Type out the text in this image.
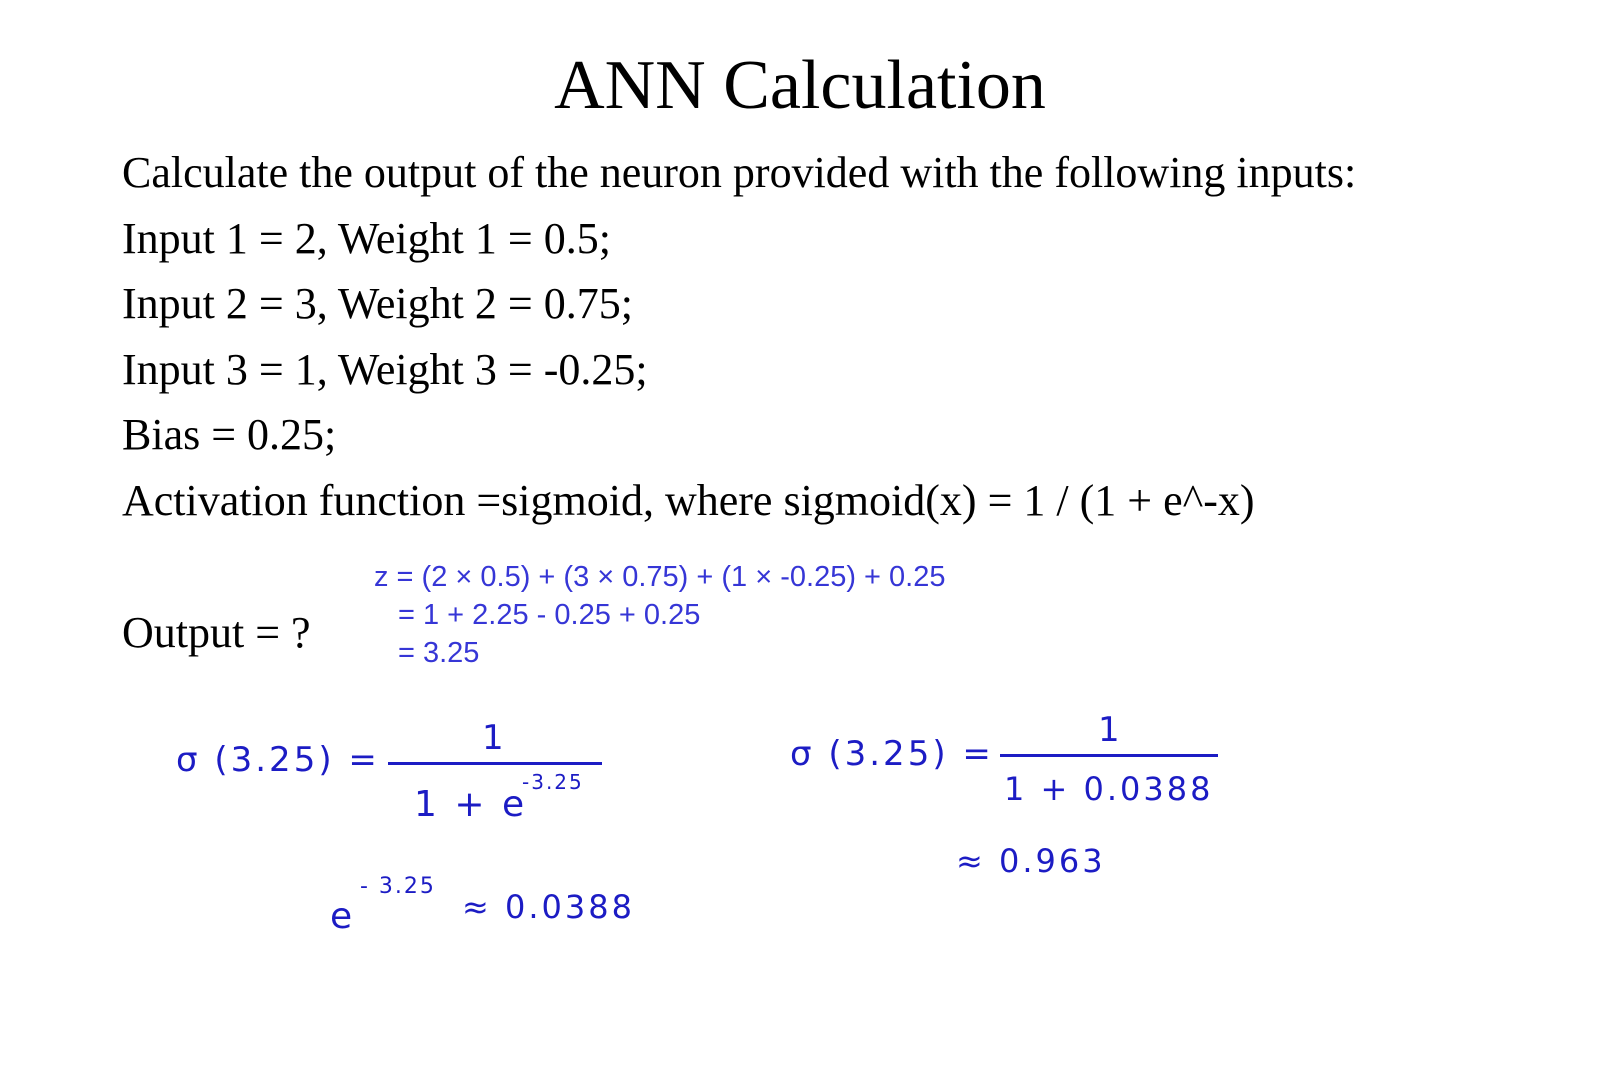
ANN Calculation
Calculate the output of the neuron provided with the following inputs:
Input 1 = 2, Weight 1 = 0.5;
Input 2 = 3, Weight 2 = 0.75;
Input 3 = 1, Weight 3 = -0.25;
Bias = 0.25;
Activation function =sigmoid, where sigmoid(x) = 1 / (1 + e^-x)
Output = ?
z = (2 × 0.5) + (3 × 0.75) + (1 × -0.25) + 0.25
= 1 + 2.25 - 0.25 + 0.25
= 3.25
σ (3.25) =
1
1 + e
-3.25
e
- 3.25
≈ 0.0388
σ (3.25) =
1
1 + 0.0388
≈ 0.963
